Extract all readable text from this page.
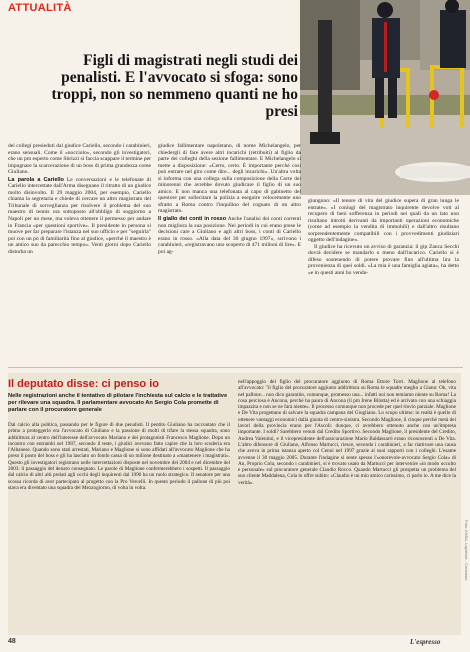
ATTUALITÀ
Figli di magistrati negli studi dei penalisti. E l'avvocato si sfoga: sono troppi, non so nemmeno quanti ne ho presi

dei collegi presieduti dal giudice Cariello, secondo i carabinieri, erano sensuali. Come il «nocciolo», secondo gli investigatori, che un pm esperto come Sbrizzi si faccia scappare il termine per impugnare la scarcerazione di un boss di prima grandezza come Giuliano.

La parola a Cariello Le conversazioni e le telefonate di Cariello intercettate dall'Arma disegnano il ritratto di un giudice molto disinvolto. Il 29 maggio 2004, per esempio, Cariello chiama la segretaria e chiede di cercare un altro magistrato del Tribunale di sorveglianza per risolvere il problema del suo maestro di tennis ora sottoposto all'obbligo di soggiorno a Napoli per un mese, ma voleva ottenere il permesso per andare in Francia «per questioni sportive». Il presidente in persona si muove per far preparare l'istanza nel suo ufficio e per "seguirla" poi con un pò di familiarità fino al giudice, «perché il maestro è un amico suo da parecchio tempo». Venti giorni dopo Cariello disturba un

giudice fallimentare napoletano, di nome Michelangelo, per chiedergli di fare avere altri incarichi (retribuiti) al figlio da parte dei colleghi della sezione fallimentare. E Michelangelo si mette a disposizione: «Certo, certo. È importante perché così può entrare nel giro come dire... degli incarichi». Un'altra volta si informa con una collega sulla composizione della Corte dei minorenni che avrebbe dovuto giudicare il figlio di un suo amico. E non manca una telefonata al capo di gabinetto del questore per sollecitare la polizia a eseguire velocemente uno sfratto a Roma contro l'inquilino del cognato di un altro magistrato.

Il giallo dei conti in rosso Anche l'analisi dei conti correnti non migliora la sua posizione. Nei periodi in cui erano prese le decisioni care a Giuliano e agli altri boss, i conti di Cariello erano in rosso. «Alla data del 30 giugno 1997», scrivono i carabinieri, «registravano uno scoperto di 471 milioni di lire». E poi ag-

giungono: «Il tenore di vita del giudice supera di gran lunga le entrate». «I coniugi del magistrato inquirente devolve voti al recupero di beni sofferenza in periodi nei quali da un lato non risultano introiti derivanti da importanti operazioni economiche (come ad esempio la vendita di immobili) e dall'altro risultano sorprendentemente compatibili con i provvedimenti giudiziari oggetto dell'indagine».

Il giudice ha ricevuto un avviso di garanzia: il gip Zanca Secchi dovrà decidere se mandarlo o meno dall'incarico. Cariello si è difeso sostenendo di potere provare fino all'ultima lira la provenienza di quei soldi. «La mia è una famiglia agiata», ha detto «e in questi anni ho vendu-

Il deputato disse: ci penso io
Nelle registrazioni anche il tentativo di pilotare l'inchiesta sul calcio e le trattative per rilevare una squadra. Il parlamentare avvocato An Sergio Cola promette di parlare con il procuratore generale

Dal calcio alla politica, passando per le figure di due penalisti. Il pentito Giuliano ha raccontato che il primo a proteggerlo era l'avvocato di Giuliano e la passione di molti di tifare la stessa squadra, sono addirittura al centro dell'interesse dell'avvocato Mariano e dei protagonisti Francesco Maglione. Dopo un incontro con entrambi nel 1987, secondo il teste, i giudici avevano fatto capire che la loro scuderia era l'Albanese. Quando sono stati arrestati, Mariano e Maglione si sono affidati all'avvocato Maglione che ha preso il posto del boss e gli ha lasciato un fondo cassa di un milione destinato a «mantenere i magistrati». Questo gli investigatori registrano nelle intercettazioni disposte nel novembre del 2004 e nel dicembre del 2003: il passaggio del denaro consegnato. Le parole di Maglione confermerebbero i sospetti. Il passaggio dal calcio di altri alti prelati agli occhi degli inquirenti dal 1996 ha un ruolo strategico. Il senatore per una scossa ricorda di aver partecipato al progetto con la Pro Vercelli. In questo periodo il pallone di più poi stava era diventato una squadra del Mezzogiorno, di volta in volta.

nell'appoggio del figlio del procuratore aggiunto di Roma Ettore Torri. Maglione al telefono all'avvocato: "il figlio del procuratore aggiunto addirittura su Roma le squadre meglio a Giano: Ok, vita nel pallone... non dico garantito, comunque, promesso una... infatti noi non temiamo niente su Roma! La cosa perciosa è Ancona, perché ha paura di Ancona (il pm Irene Bilotta) ed è arrivato con una schiaggia impazzita e non se ne farà niente». Il processo comunque non procede per quel rinvio parziale. Maglione e De Vita progettano di salvare la squadra campana del Giugliano. Lo scopo ultimo: in realtà è quello di ottenere vantaggi economici dalla giunta di centro-sinistra. Secondo Maglione, il cinque perché metà dei lavori della provincia erano per l'Ascoli: dunque, ci avrebbero ottenuto anche con un'impresa importante. I soldi? Sarebbero venuti dal Credito Sportivo. Secondo Maglione, il presidente del Credito, Andrea Valentini, e il vicepresidente dell'assicurazione Mario Baldassarri erano riconoscenti a De Vita. L'altro difensore di Giuliano, Alfonso Martucci, riesce, secondo i carabinieri, a far riattivare una causa che aveva in prima istanza aperto col Cenni nel 1997 grazie ai suoi rapporti con i colleghi. L'esame avvenne il 30 maggio 2005. Durante l'indagine si sente spesso l'«onorevole-avvocato Sergio Cola» di An, Proprio Cola, secondo i carabinieri, si è trovato usato da Martucci per intervenire «in modo occulto e personale» sul procuratore generale Claudio Rocco. Quando Martucci gli prospetta un problema del suo cliente Maddalena, Cola lo offre subito: «Claudio è un mio amico carissimo, ci parlo io. A me dice la verità».

Foto: ANSA, Lapresse - Contrasto
48	L'espresso
